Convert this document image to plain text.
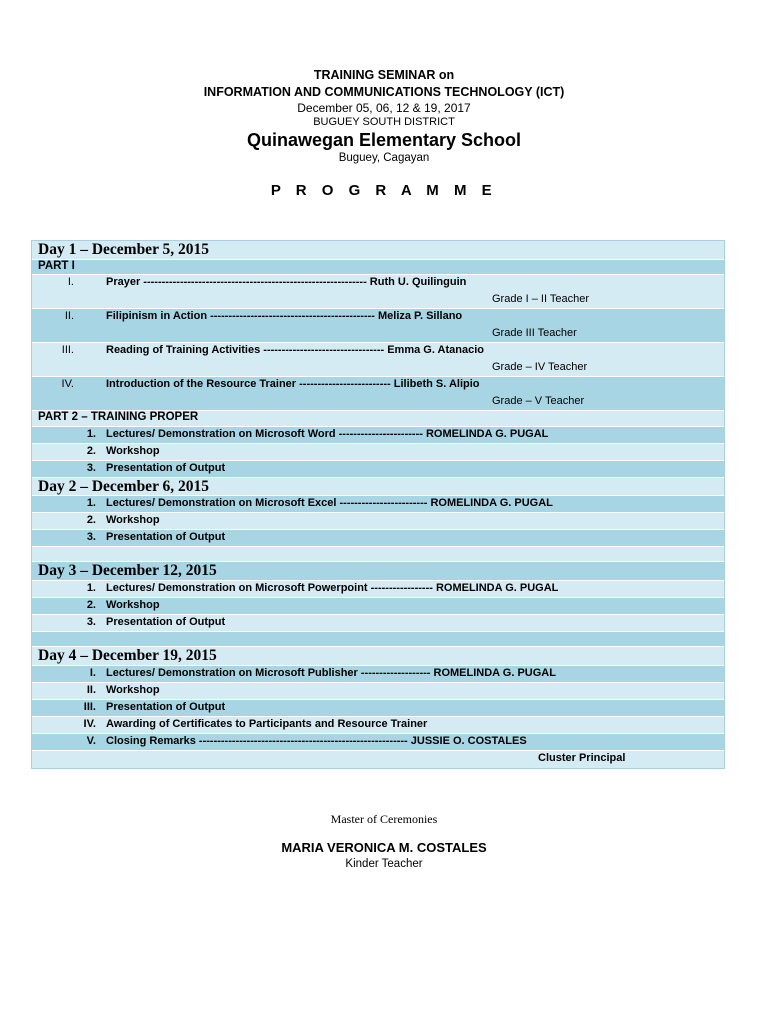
TRAINING SEMINAR on
INFORMATION AND COMMUNICATIONS TECHNOLOGY (ICT)
December 05, 06, 12 & 19, 2017
BUGUEY SOUTH DISTRICT
Quinawegan Elementary School
Buguey, Cagayan
P R O G R A M M E
Day 1 – December 5, 2015
PART I
I.	Prayer ------------------------------------------------------------- Ruth U. Quilinguin
Grade I – II Teacher
II.	Filipinism in Action --------------------------------------------- Meliza P. Sillano
Grade III Teacher
III.	Reading of Training Activities --------------------------------- Emma G. Atanacio
Grade – IV Teacher
IV.	Introduction of the Resource Trainer ------------------------- Lilibeth S. Alipio
Grade – V Teacher
PART 2 – TRAINING PROPER
1. Lectures/ Demonstration on Microsoft Word ----------------------- ROMELINDA G. PUGAL
2. Workshop
3. Presentation of Output
Day 2 – December 6, 2015
1. Lectures/ Demonstration on Microsoft Excel ------------------------ ROMELINDA G. PUGAL
2. Workshop
3. Presentation of Output
Day 3 – December 12, 2015
1. Lectures/ Demonstration on Microsoft Powerpoint ----------------- ROMELINDA G. PUGAL
2. Workshop
3. Presentation of Output
Day 4 – December 19, 2015
I. Lectures/ Demonstration on Microsoft Publisher ------------------- ROMELINDA G. PUGAL
II. Workshop
III. Presentation of Output
IV. Awarding of Certificates to Participants and Resource Trainer
V. Closing Remarks --------------------------------------------------------- JUSSIE O. COSTALES
Cluster Principal
Master of Ceremonies
MARIA VERONICA M. COSTALES
Kinder Teacher
